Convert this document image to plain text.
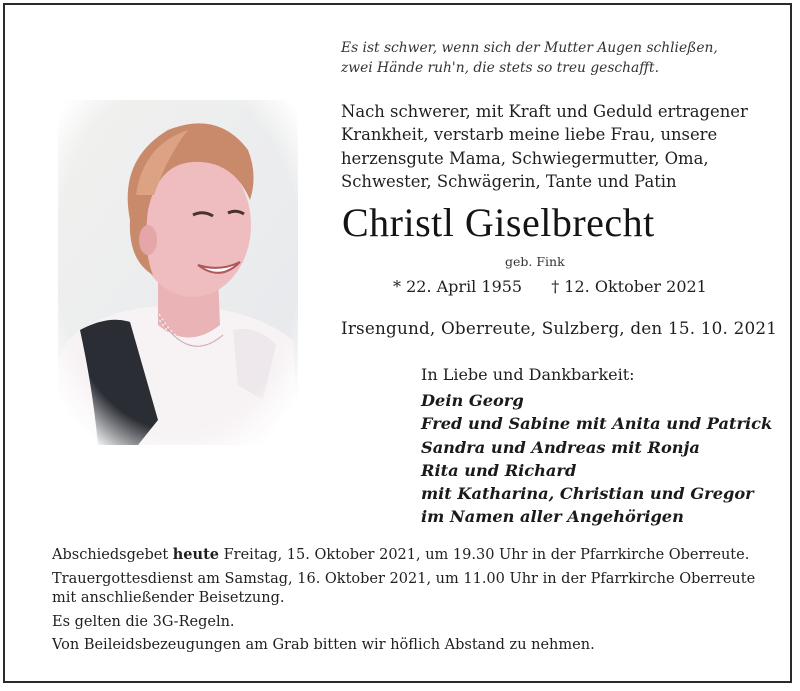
Es ist schwer, wenn sich der Mutter Augen schließen,
zwei Hände ruh'n, die stets so treu geschafft.
Nach schwerer, mit Kraft und Geduld ertragener
Krankheit, verstarb meine liebe Frau, unsere
herzensgute Mama, Schwiegermutter, Oma,
Schwester, Schwägerin, Tante und Patin
Christl Giselbrecht
geb. Fink
* 22. April 1955 † 12. Oktober 2021
Irsengund, Oberreute, Sulzberg, den 15. 10. 2021
In Liebe und Dankbarkeit:
Dein Georg
Fred und Sabine mit Anita und Patrick
Sandra und Andreas mit Ronja
Rita und Richard
mit Katharina, Christian und Gregor
im Namen aller Angehörigen

Abschiedsgebet heute Freitag, 15. Oktober 2021, um 19.30 Uhr in der Pfarrkirche Oberreute.

Trauergottesdienst am Samstag, 16. Oktober 2021, um 11.00 Uhr in der Pfarrkirche Oberreute

mit anschließender Beisetzung.

Es gelten die 3G-Regeln.

Von Beileidsbezeugungen am Grab bitten wir höflich Abstand zu nehmen.
